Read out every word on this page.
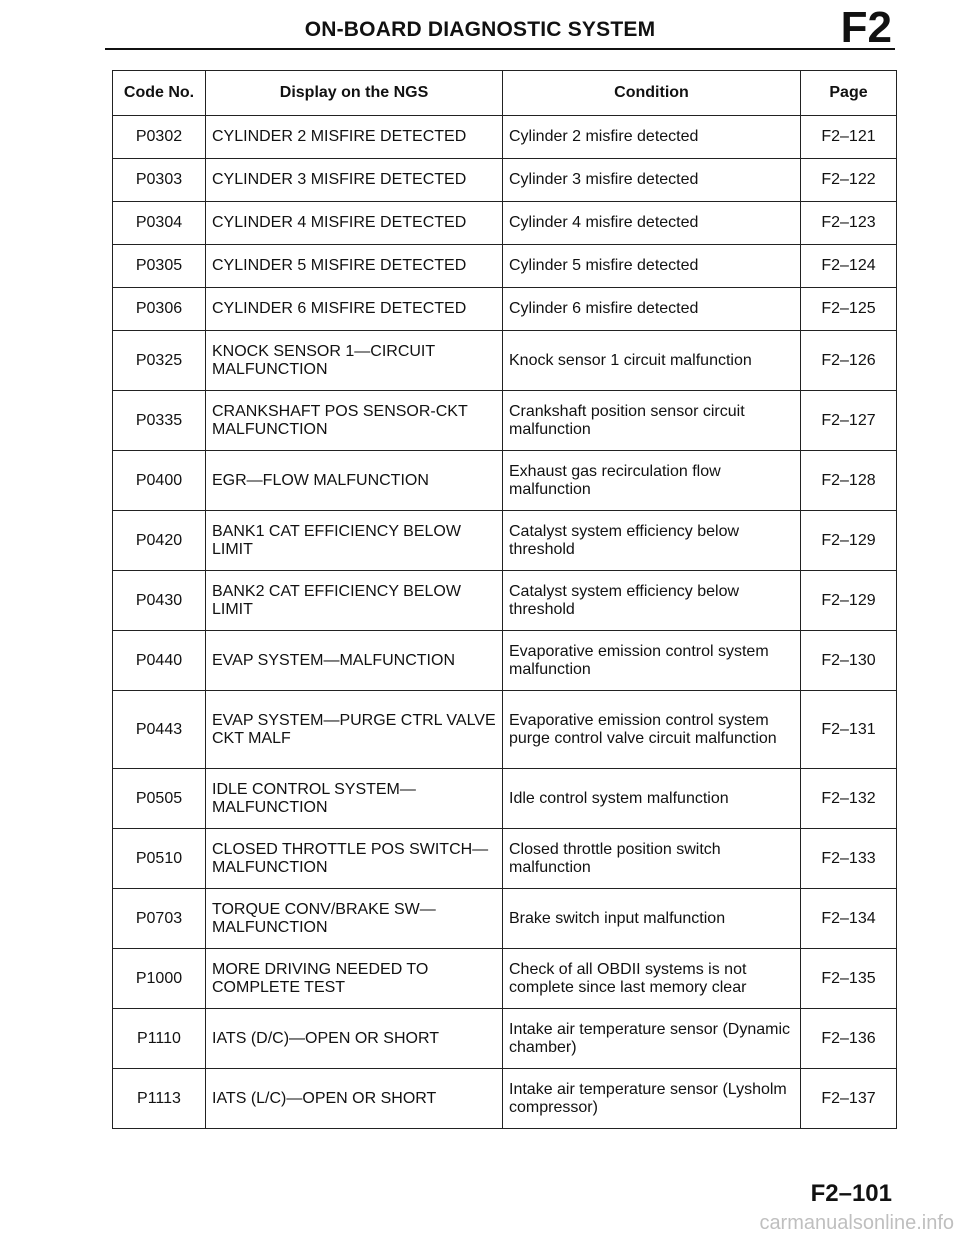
ON-BOARD DIAGNOSTIC SYSTEM	F2
Code No.	Display on the NGS	Condition	Page
P0302	CYLINDER 2 MISFIRE DETECTED	Cylinder 2 misfire detected	F2–121
P0303	CYLINDER 3 MISFIRE DETECTED	Cylinder 3 misfire detected	F2–122
P0304	CYLINDER 4 MISFIRE DETECTED	Cylinder 4 misfire detected	F2–123
P0305	CYLINDER 5 MISFIRE DETECTED	Cylinder 5 misfire detected	F2–124
P0306	CYLINDER 6 MISFIRE DETECTED	Cylinder 6 misfire detected	F2–125
P0325	KNOCK SENSOR 1—CIRCUIT MALFUNCTION	Knock sensor 1 circuit malfunction	F2–126
P0335	CRANKSHAFT POS SENSOR-CKT MALFUNCTION	Crankshaft position sensor circuit malfunction	F2–127
P0400	EGR—FLOW MALFUNCTION	Exhaust gas recirculation flow malfunction	F2–128
P0420	BANK1 CAT EFFICIENCY BELOW LIMIT	Catalyst system efficiency below threshold	F2–129
P0430	BANK2 CAT EFFICIENCY BELOW LIMIT	Catalyst system efficiency below threshold	F2–129
P0440	EVAP SYSTEM—MALFUNCTION	Evaporative emission control system malfunction	F2–130
P0443	EVAP SYSTEM—PURGE CTRL VALVE CKT MALF	Evaporative emission control system purge control valve circuit malfunction	F2–131
P0505	IDLE CONTROL SYSTEM—MALFUNCTION	Idle control system malfunction	F2–132
P0510	CLOSED THROTTLE POS SWITCH—MALFUNCTION	Closed throttle position switch malfunction	F2–133
P0703	TORQUE CONV/BRAKE SW—MALFUNCTION	Brake switch input malfunction	F2–134
P1000	MORE DRIVING NEEDED TO COMPLETE TEST	Check of all OBDII systems is not complete since last memory clear	F2–135
P1110	IATS (D/C)—OPEN OR SHORT	Intake air temperature sensor (Dynamic chamber)	F2–136
P1113	IATS (L/C)—OPEN OR SHORT	Intake air temperature sensor (Lysholm compressor)	F2–137
F2–101
carmanualsonline.info
